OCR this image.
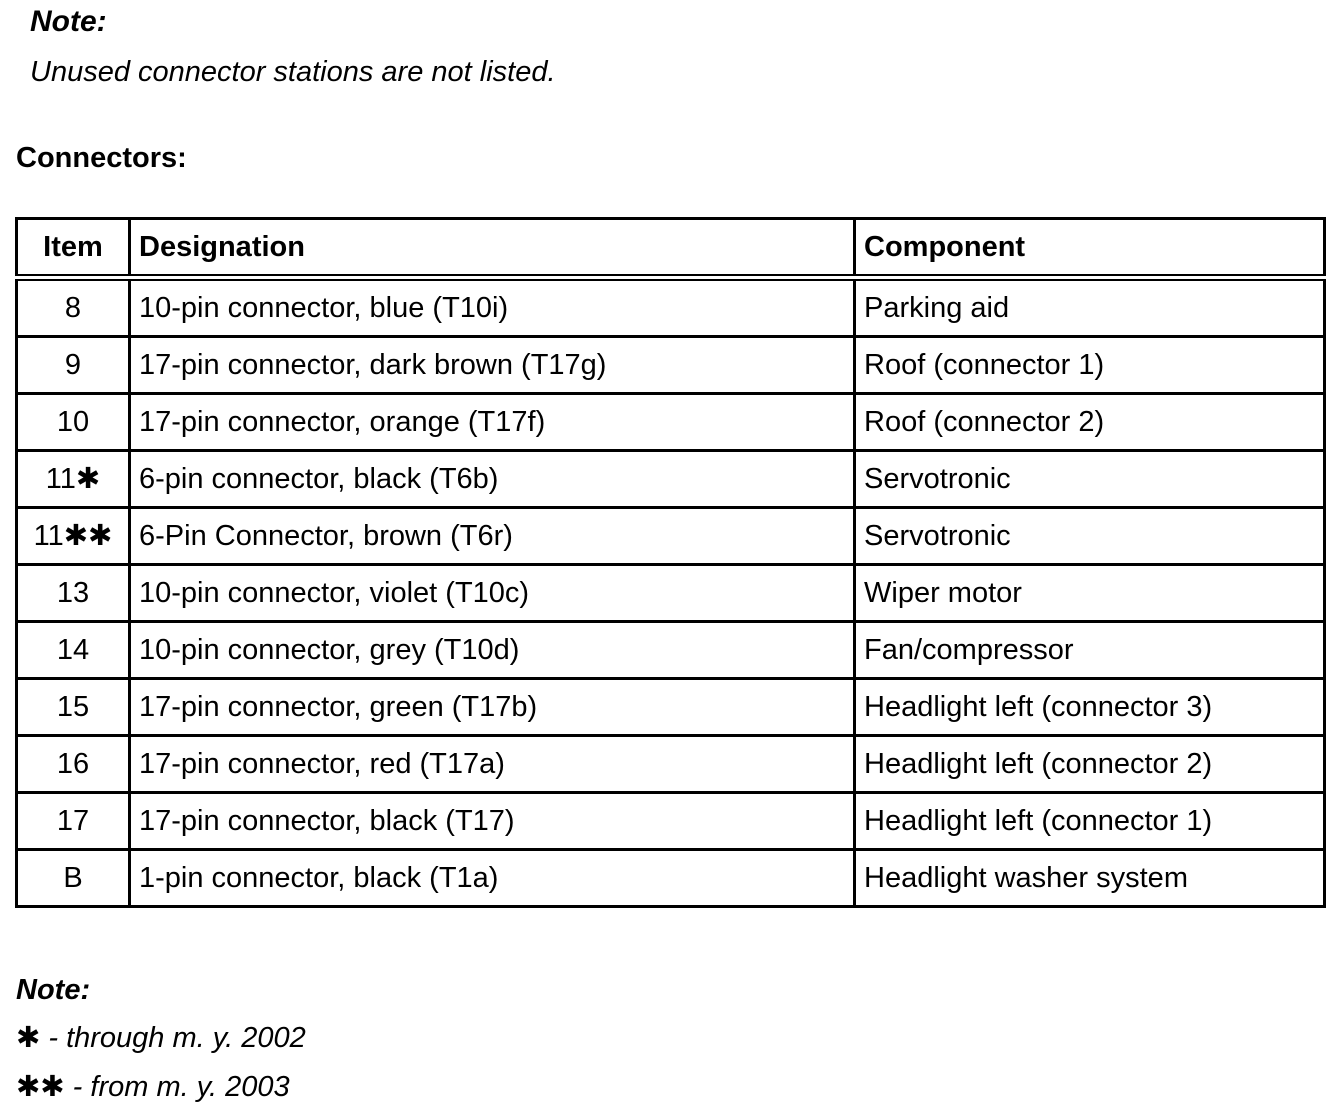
Note:
Unused connector stations are not listed.
Connectors:
Item	Designation	Component
8	10-pin connector, blue (T10i)	Parking aid
9	17-pin connector, dark brown (T17g)	Roof (connector 1)
10	17-pin connector, orange (T17f)	Roof (connector 2)
11✱	6-pin connector, black (T6b)	Servotronic
11✱✱	6-Pin Connector, brown (T6r)	Servotronic
13	10-pin connector, violet (T10c)	Wiper motor
14	10-pin connector, grey (T10d)	Fan/compressor
15	17-pin connector, green (T17b)	Headlight left (connector 3)
16	17-pin connector, red (T17a)	Headlight left (connector 2)
17	17-pin connector, black (T17)	Headlight left (connector 1)
B	1-pin connector, black (T1a)	Headlight washer system
Note:
✱ - through m. y. 2002
✱✱ - from m. y. 2003
